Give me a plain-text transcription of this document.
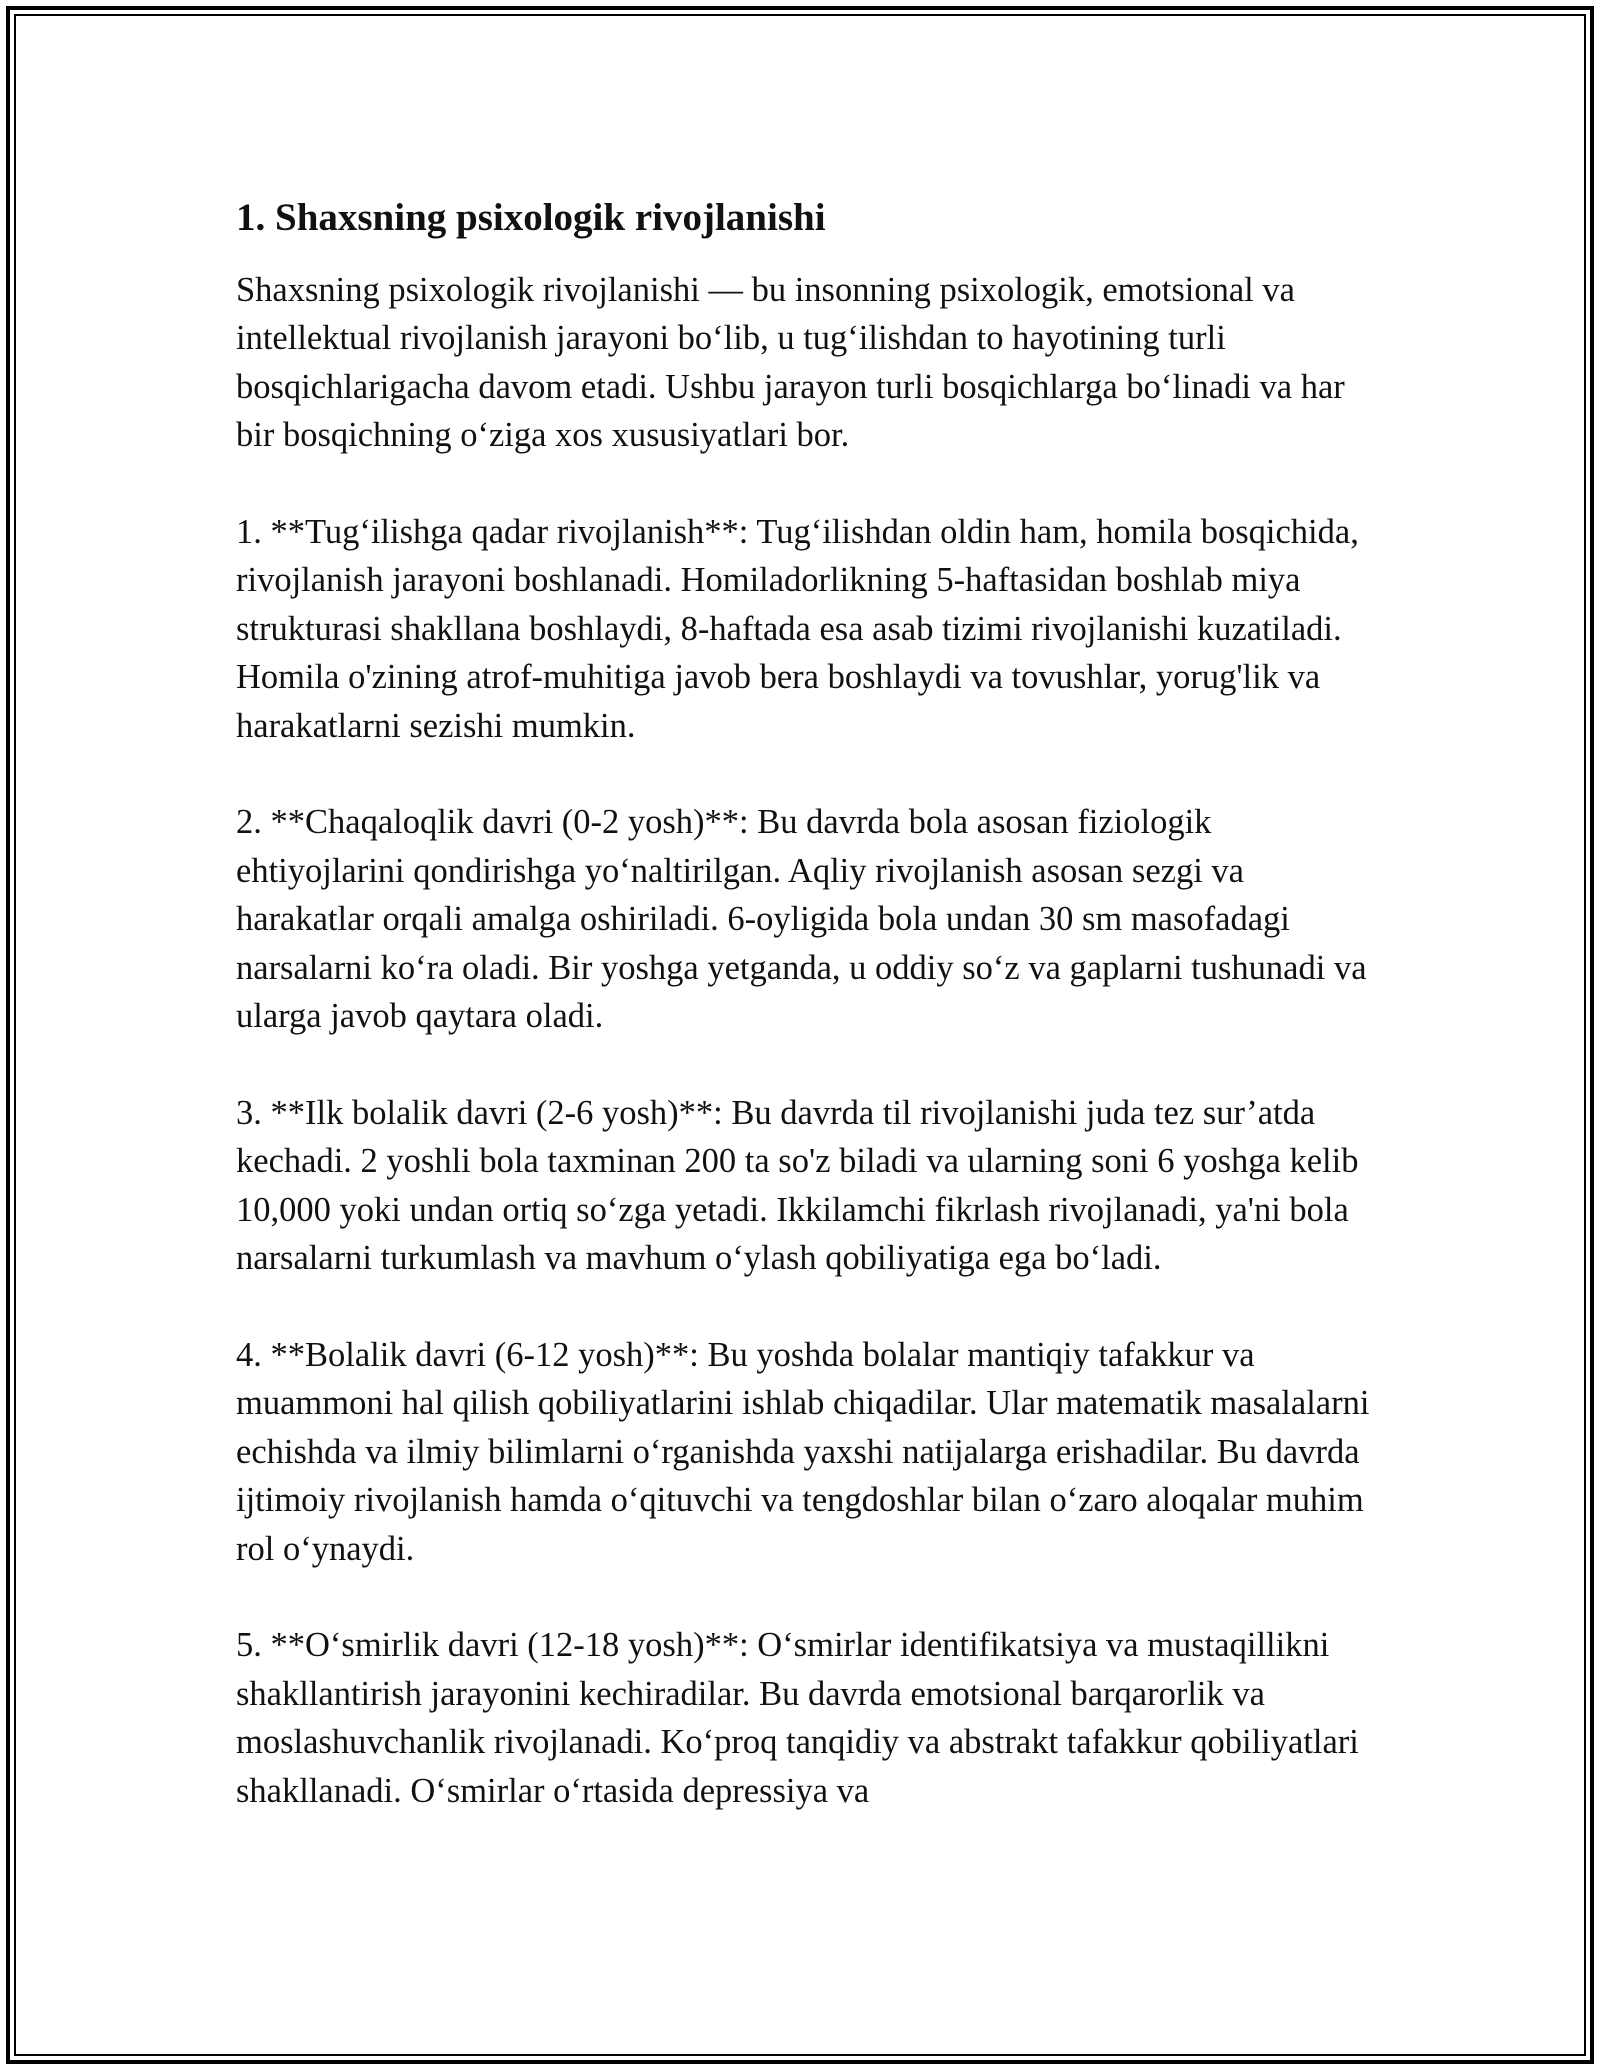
1. Shaxsning psixologik rivojlanishi

Shaxsning psixologik rivojlanishi — bu insonning psixologik, emotsional va intellektual rivojlanish jarayoni bo‘lib, u tug‘ilishdan to hayotining turli bosqichlarigacha davom etadi. Ushbu jarayon turli bosqichlarga bo‘linadi va har bir bosqichning o‘ziga xos xususiyatlari bor.

1. **Tug‘ilishga qadar rivojlanish**: Tug‘ilishdan oldin ham, homila bosqichida, rivojlanish jarayoni boshlanadi. Homiladorlikning 5-haftasidan boshlab miya strukturasi shakllana boshlaydi, 8-haftada esa asab tizimi rivojlanishi kuzatiladi. Homila o'zining atrof-muhitiga javob bera boshlaydi va tovushlar, yorug'lik va harakatlarni sezishi mumkin.

2. **Chaqaloqlik davri (0-2 yosh)**: Bu davrda bola asosan fiziologik ehtiyojlarini qondirishga yo‘naltirilgan. Aqliy rivojlanish asosan sezgi va harakatlar orqali amalga oshiriladi. 6-oyligida bola undan 30 sm masofadagi narsalarni ko‘ra oladi. Bir yoshga yetganda, u oddiy so‘z va gaplarni tushunadi va ularga javob qaytara oladi.

3. **Ilk bolalik davri (2-6 yosh)**: Bu davrda til rivojlanishi juda tez sur’atda kechadi. 2 yoshli bola taxminan 200 ta so'z biladi va ularning soni 6 yoshga kelib 10,000 yoki undan ortiq so‘zga yetadi. Ikkilamchi fikrlash rivojlanadi, ya'ni bola narsalarni turkumlash va mavhum o‘ylash qobiliyatiga ega bo‘ladi.

4. **Bolalik davri (6-12 yosh)**: Bu yoshda bolalar mantiqiy tafakkur va muammoni hal qilish qobiliyatlarini ishlab chiqadilar. Ular matematik masalalarni echishda va ilmiy bilimlarni o‘rganishda yaxshi natijalarga erishadilar. Bu davrda ijtimoiy rivojlanish hamda o‘qituvchi va tengdoshlar bilan o‘zaro aloqalar muhim rol o‘ynaydi.

5. **O‘smirlik davri (12-18 yosh)**: O‘smirlar identifikatsiya va mustaqillikni shakllantirish jarayonini kechiradilar. Bu davrda emotsional barqarorlik va moslashuvchanlik rivojlanadi. Ko‘proq tanqidiy va abstrakt tafakkur qobiliyatlari shakllanadi. O‘smirlar o‘rtasida depressiya va
